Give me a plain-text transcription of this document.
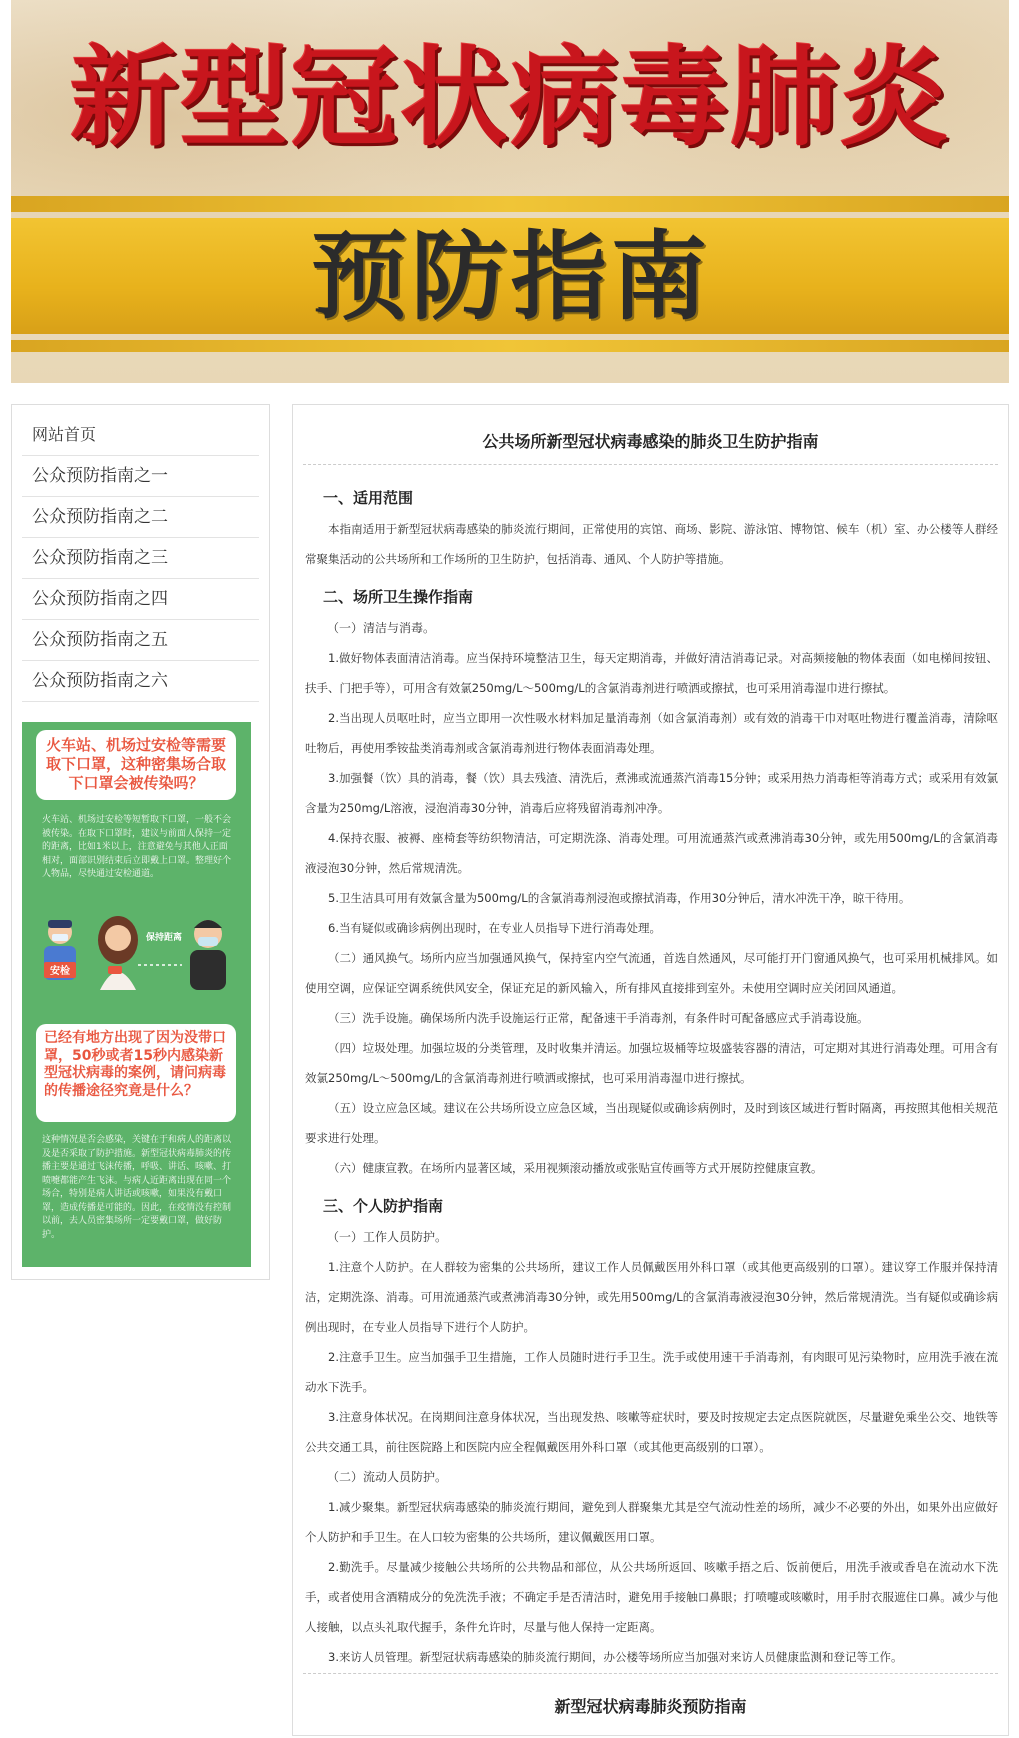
新型冠状病毒肺炎
预防指南
网站首页
公众预防指南之一
公众预防指南之二
公众预防指南之三
公众预防指南之四
公众预防指南之五
公众预防指南之六
火车站、机场过安检等需要取下口罩，这种密集场合取下口罩会被传染吗？
火车站、机场过安检等短暂取下口罩，一般不会被传染。在取下口罩时，建议与前面人保持一定的距离，比如1米以上，注意避免与其他人正面相对，面部识别结束后立即戴上口罩。整理好个人物品，尽快通过安检通道。
安检
保持距离
已经有地方出现了因为没带口罩，50秒或者15秒内感染新型冠状病毒的案例，请问病毒的传播途径究竟是什么？
这种情况是否会感染，关键在于和病人的距离以及是否采取了防护措施。新型冠状病毒肺炎的传播主要是通过飞沫传播，呼吸、讲话、咳嗽、打喷嚏都能产生飞沫。与病人近距离出现在同一个场合，特别是病人讲话或咳嗽，如果没有戴口罩，造成传播是可能的。因此，在疫情没有控制以前，去人员密集场所一定要戴口罩，做好防护。
公共场所新型冠状病毒感染的肺炎卫生防护指南
一、适用范围

本指南适用于新型冠状病毒感染的肺炎流行期间，正常使用的宾馆、商场、影院、游泳馆、博物馆、候车（机）室、办公楼等人群经常聚集活动的公共场所和工作场所的卫生防护，包括消毒、通风、个人防护等措施。

二、场所卫生操作指南
（一）清洁与消毒。

1.做好物体表面清洁消毒。应当保持环境整洁卫生，每天定期消毒，并做好清洁消毒记录。对高频接触的物体表面（如电梯间按钮、扶手、门把手等），可用含有效氯250mg/L～500mg/L的含氯消毒剂进行喷洒或擦拭，也可采用消毒湿巾进行擦拭。

2.当出现人员呕吐时，应当立即用一次性吸水材料加足量消毒剂（如含氯消毒剂）或有效的消毒干巾对呕吐物进行覆盖消毒，清除呕吐物后，再使用季铵盐类消毒剂或含氯消毒剂进行物体表面消毒处理。

3.加强餐（饮）具的消毒，餐（饮）具去残渣、清洗后，煮沸或流通蒸汽消毒15分钟；或采用热力消毒柜等消毒方式；或采用有效氯含量为250mg/L溶液，浸泡消毒30分钟，消毒后应将残留消毒剂冲净。

4.保持衣服、被褥、座椅套等纺织物清洁，可定期洗涤、消毒处理。可用流通蒸汽或煮沸消毒30分钟，或先用500mg/L的含氯消毒液浸泡30分钟，然后常规清洗。

5.卫生洁具可用有效氯含量为500mg/L的含氯消毒剂浸泡或擦拭消毒，作用30分钟后，清水冲洗干净，晾干待用。

6.当有疑似或确诊病例出现时，在专业人员指导下进行消毒处理。

（二）通风换气。场所内应当加强通风换气，保持室内空气流通，首选自然通风，尽可能打开门窗通风换气，也可采用机械排风。如使用空调，应保证空调系统供风安全，保证充足的新风输入，所有排风直接排到室外。未使用空调时应关闭回风通道。

（三）洗手设施。确保场所内洗手设施运行正常，配备速干手消毒剂，有条件时可配备感应式手消毒设施。

（四）垃圾处理。加强垃圾的分类管理，及时收集并清运。加强垃圾桶等垃圾盛装容器的清洁，可定期对其进行消毒处理。可用含有效氯250mg/L～500mg/L的含氯消毒剂进行喷洒或擦拭，也可采用消毒湿巾进行擦拭。

（五）设立应急区域。建议在公共场所设立应急区域，当出现疑似或确诊病例时，及时到该区域进行暂时隔离，再按照其他相关规范要求进行处理。

（六）健康宣教。在场所内显著区域，采用视频滚动播放或张贴宣传画等方式开展防控健康宣教。

三、个人防护指南
（一）工作人员防护。

1.注意个人防护。在人群较为密集的公共场所，建议工作人员佩戴医用外科口罩（或其他更高级别的口罩）。建议穿工作服并保持清洁，定期洗涤、消毒。可用流通蒸汽或煮沸消毒30分钟，或先用500mg/L的含氯消毒液浸泡30分钟，然后常规清洗。当有疑似或确诊病例出现时，在专业人员指导下进行个人防护。

2.注意手卫生。应当加强手卫生措施，工作人员随时进行手卫生。洗手或使用速干手消毒剂，有肉眼可见污染物时，应用洗手液在流动水下洗手。

3.注意身体状况。在岗期间注意身体状况，当出现发热、咳嗽等症状时，要及时按规定去定点医院就医，尽量避免乘坐公交、地铁等公共交通工具，前往医院路上和医院内应全程佩戴医用外科口罩（或其他更高级别的口罩）。

（二）流动人员防护。

1.减少聚集。新型冠状病毒感染的肺炎流行期间，避免到人群聚集尤其是空气流动性差的场所，减少不必要的外出，如果外出应做好个人防护和手卫生。在人口较为密集的公共场所，建议佩戴医用口罩。

2.勤洗手。尽量减少接触公共场所的公共物品和部位，从公共场所返回、咳嗽手捂之后、饭前便后，用洗手液或香皂在流动水下洗手，或者使用含酒精成分的免洗洗手液；不确定手是否清洁时，避免用手接触口鼻眼；打喷嚏或咳嗽时，用手肘衣服遮住口鼻。减少与他人接触，以点头礼取代握手，条件允许时，尽量与他人保持一定距离。

3.来访人员管理。新型冠状病毒感染的肺炎流行期间，办公楼等场所应当加强对来访人员健康监测和登记等工作。

新型冠状病毒肺炎预防指南
